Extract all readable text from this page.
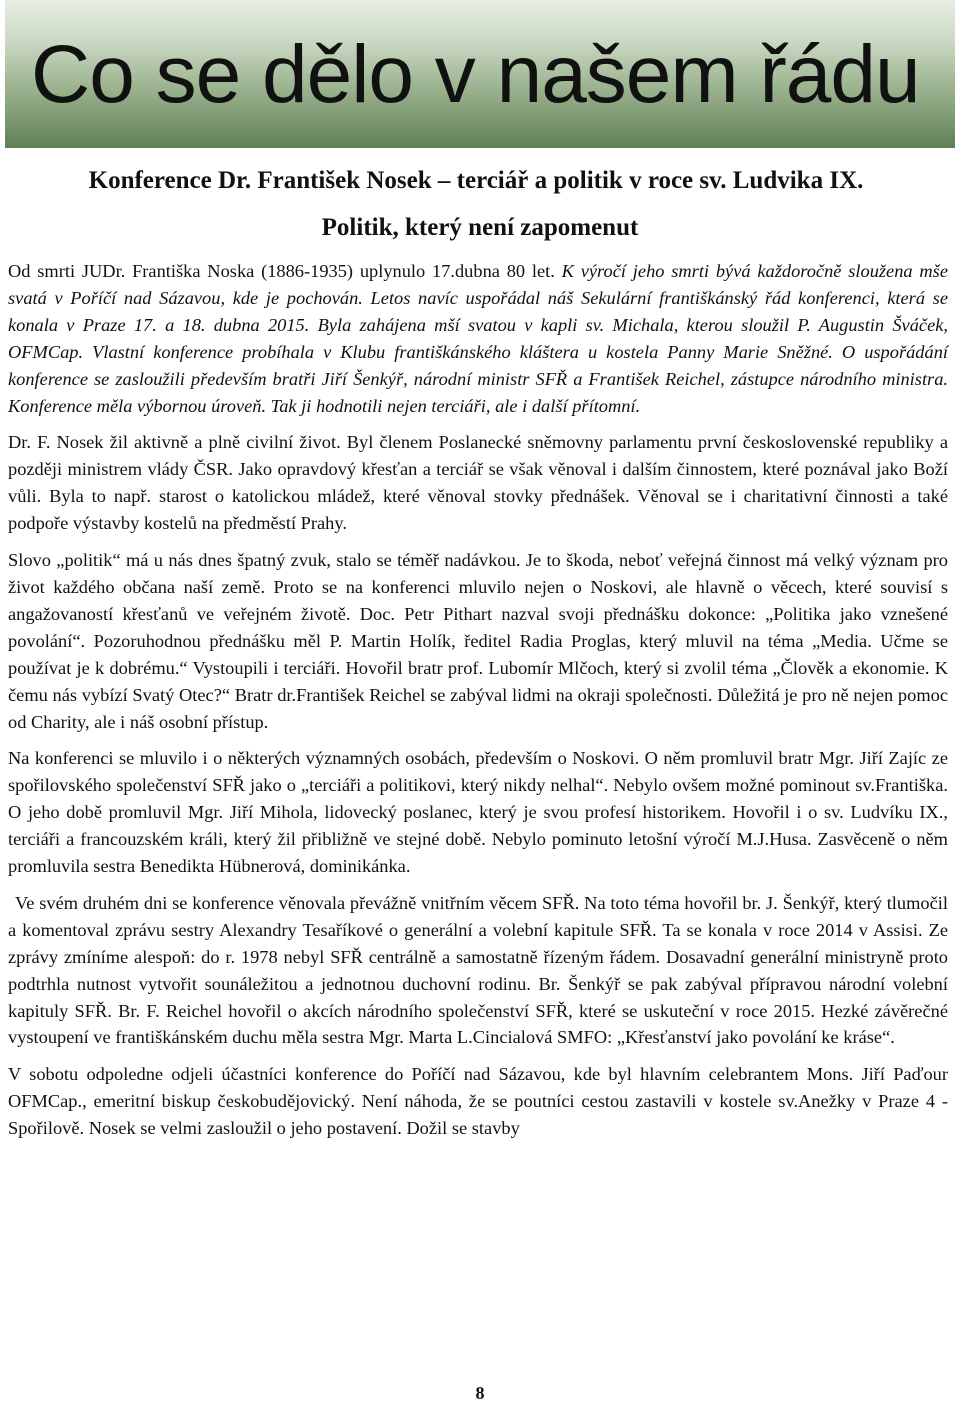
Co se dělo v našem řádu
Konference Dr. František Nosek – terciář a politik v roce sv. Ludvika IX.
Politik, který není zapomenut

Od smrti JUDr. Františka Noska (1886-1935) uplynulo 17.dubna 80 let. K výročí jeho smrti bývá každoročně sloužena mše svatá v Poříčí nad Sázavou, kde je pochován. Letos navíc uspořádal náš Sekulární františkánský řád konferenci, která se konala v Praze 17. a 18. dubna 2015. Byla zahájena mší svatou v kapli sv. Michala, kterou sloužil P. Augustin Šváček, OFMCap. Vlastní konference probíhala v Klubu františkánského kláštera u kostela Panny Marie Sněžné. O uspořádání konference se zasloužili především bratři Jiří Šenkýř, národní ministr SFŘ a František Reichel, zástupce národního ministra. Konference měla výbornou úroveň. Tak ji hodnotili nejen terciáři, ale i další přítomní.

Dr. F. Nosek žil aktivně a plně civilní život. Byl členem Poslanecké sněmovny parlamentu první československé republiky a později ministrem vlády ČSR. Jako opravdový křesťan a terciář se však věnoval i dalším činnostem, které poznával jako Boží vůli. Byla to např. starost o katolickou mládež, které věnoval stovky přednášek. Věnoval se i charitativní činnosti a také podpoře výstavby kostelů na předměstí Prahy.

Slovo „politik“ má u nás dnes špatný zvuk, stalo se téměř nadávkou. Je to škoda, neboť veřejná činnost má velký význam pro život každého občana naší země. Proto se na konferenci mluvilo nejen o Noskovi, ale hlavně o věcech, které souvisí s angažovaností křesťanů ve veřejném životě. Doc. Petr Pithart nazval svoji přednášku dokonce: „Politika jako vznešené povolání“. Pozoruhodnou přednášku měl P. Martin Holík, ředitel Radia Proglas, který mluvil na téma „Media. Učme se používat je k dobrému.“ Vystoupili i terciáři. Hovořil bratr prof. Lubomír Mlčoch, který si zvolil téma „Člověk a ekonomie. K čemu nás vybízí Svatý Otec?“ Bratr dr.František Reichel se zabýval lidmi na okraji společnosti. Důležitá je pro ně nejen pomoc od Charity, ale i náš osobní přístup.

Na konferenci se mluvilo i o některých významných osobách, především o Noskovi. O něm promluvil bratr Mgr. Jiří Zajíc ze spořilovského společenství SFŘ jako o „terciáři a politikovi, který nikdy nelhal“. Nebylo ovšem možné pominout sv.Františka. O jeho době promluvil Mgr. Jiří Mihola, lidovecký poslanec, který je svou profesí historikem. Hovořil i o sv. Ludvíku IX., terciáři a francouzském králi, který žil přibližně ve stejné době. Nebylo pominuto letošní výročí M.J.Husa. Zasvěceně o něm promluvila sestra Benedikta Hübnerová, dominikánka.

Ve svém druhém dni se konference věnovala převážně vnitřním věcem SFŘ. Na toto téma hovořil br. J. Šenkýř, který tlumočil a komentoval zprávu sestry Alexandry Tesaříkové o generální a volební kapitule SFŘ. Ta se konala v roce 2014 v Assisi. Ze zprávy zmíníme alespoň: do r. 1978 nebyl SFŘ centrálně a samostatně řízeným řádem. Dosavadní generální ministryně proto podtrhla nutnost vytvořit sounáležitou a jednotnou duchovní rodinu. Br. Šenkýř se pak zabýval přípravou národní volební kapituly SFŘ. Br. F. Reichel hovořil o akcích národního společenství SFŘ, které se uskuteční v roce 2015. Hezké závěrečné vystoupení ve františkánském duchu měla sestra Mgr. Marta L.Cincialová SMFO: „Křesťanství jako povolání ke kráse“.

V sobotu odpoledne odjeli účastníci konference do Poříčí nad Sázavou, kde byl hlavním celebrantem Mons. Jiří Paďour OFMCap., emeritní biskup českobudějovický. Není náhoda, že se poutníci cestou zastavili v kostele sv.Anežky v Praze 4 -Spořilově. Nosek se velmi zasloužil o jeho postavení. Dožil se stavby

8
